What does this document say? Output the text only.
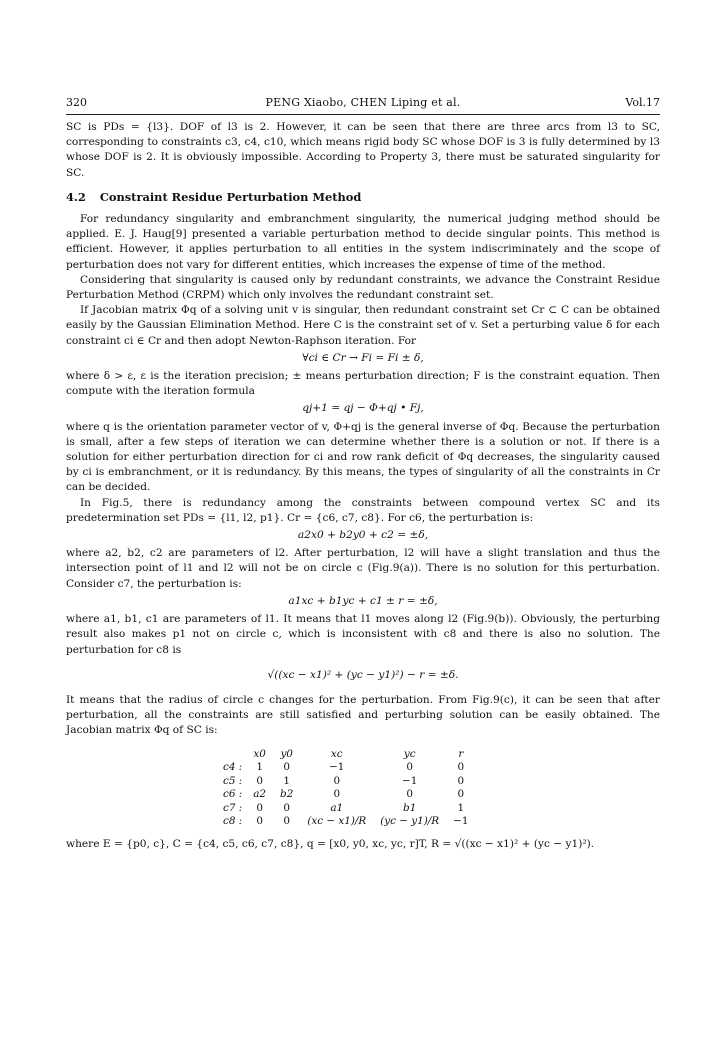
320	PENG Xiaobo, CHEN Liping et al.	Vol.17

SC is PDs = {l3}. DOF of l3 is 2. However, it can be seen that there are three arcs from l3 to SC, corresponding to constraints c3, c4, c10, which means rigid body SC whose DOF is 3 is fully determined by l3 whose DOF is 2. It is obviously impossible. According to Property 3, there must be saturated singularity for SC.

4.2 Constraint Residue Perturbation Method

For redundancy singularity and embranchment singularity, the numerical judging method should be applied. E. J. Haug[9] presented a variable perturbation method to decide singular points. This method is efficient. However, it applies perturbation to all entities in the system indiscriminately and the scope of perturbation does not vary for different entities, which increases the expense of time of the method.

Considering that singularity is caused only by redundant constraints, we advance the Constraint Residue Perturbation Method (CRPM) which only involves the redundant constraint set.

If Jacobian matrix Φq of a solving unit v is singular, then redundant constraint set Cr ⊂ C can be obtained easily by the Gaussian Elimination Method. Here C is the constraint set of v. Set a perturbing value δ for each constraint ci ∈ Cr and then adopt Newton-Raphson iteration. For

∀ci ∈ Cr → Fi = Fi ± δ,

where δ > ε, ε is the iteration precision; ± means perturbation direction; F is the constraint equation. Then compute with the iteration formula

qj+1 = qj − Φ+qj • Fj,

where q is the orientation parameter vector of v, Φ+qj is the general inverse of Φq. Because the perturbation is small, after a few steps of iteration we can determine whether there is a solution or not. If there is a solution for either perturbation direction for ci and row rank deficit of Φq decreases, the singularity caused by ci is embranchment, or it is redundancy. By this means, the types of singularity of all the constraints in Cr can be decided.

In Fig.5, there is redundancy among the constraints between compound vertex SC and its predetermination set PDs = {l1, l2, p1}. Cr = {c6, c7, c8}. For c6, the perturbation is:

a2x0 + b2y0 + c2 = ±δ,

where a2, b2, c2 are parameters of l2. After perturbation, l2 will have a slight translation and thus the intersection point of l1 and l2 will not be on circle c (Fig.9(a)). There is no solution for this perturbation. Consider c7, the perturbation is:

a1xc + b1yc + c1 ± r = ±δ,

where a1, b1, c1 are parameters of l1. It means that l1 moves along l2 (Fig.9(b)). Obviously, the perturbing result also makes p1 not on circle c, which is inconsistent with c8 and there is also no solution. The perturbation for c8 is

√((xc − x1)² + (yc − y1)²) − r = ±δ.

It means that the radius of circle c changes for the perturbation. From Fig.9(c), it can be seen that after perturbation, all the constraints are still satisfied and perturbing solution can be easily obtained. The Jacobian matrix Φq of SC is:

	x0	y0	xc	yc	r
c4 :	1	0	−1	0	0
c5 :	0	1	0	−1	0
c6 :	a2	b2	0	0	0
c7 :	0	0	a1	b1	1
c8 :	0	0	(xc − x1)/R	(yc − y1)/R	−1

where E = {p0, c}, C = {c4, c5, c6, c7, c8}, q = [x0, y0, xc, yc, r]T, R = √((xc − x1)² + (yc − y1)²).
